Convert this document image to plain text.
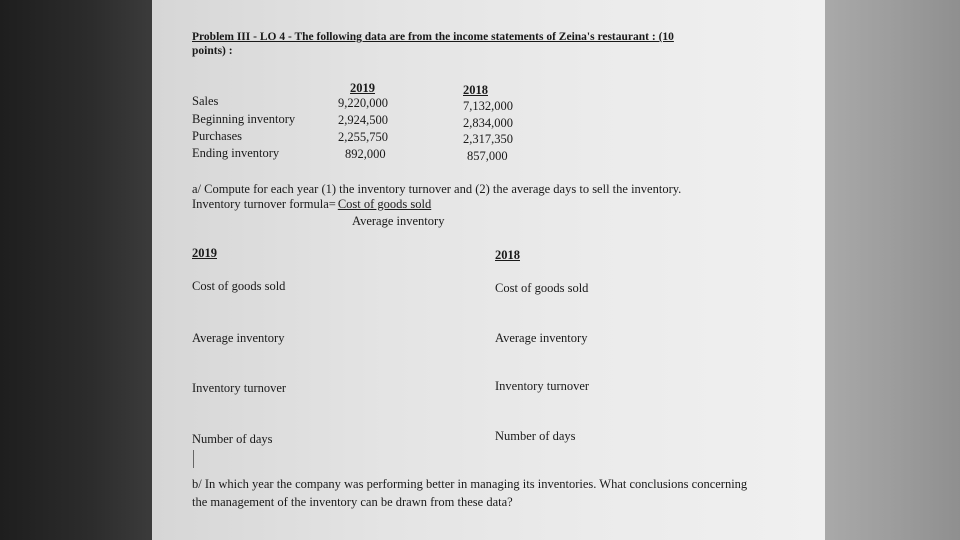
Problem III - LO 4 - The following data are from the income statements of Zeina's restaurant : (10
points) :
Sales
Beginning inventory
Purchases
Ending inventory
2019
9,220,000
2,924,500
2,255,750
892,000
2018
7,132,000
2,834,000
2,317,350
857,000
a/ Compute for each year (1) the inventory turnover and (2) the average days to sell the inventory.
Inventory turnover formula= Cost of goods sold
Average inventory
2019
Cost of goods sold
Average inventory
Inventory turnover
Number of days
2018
Cost of goods sold
Average inventory
Inventory turnover
Number of days
b/ In which year the company was performing better in managing its inventories. What conclusions concerning
the management of the inventory can be drawn from these data?
